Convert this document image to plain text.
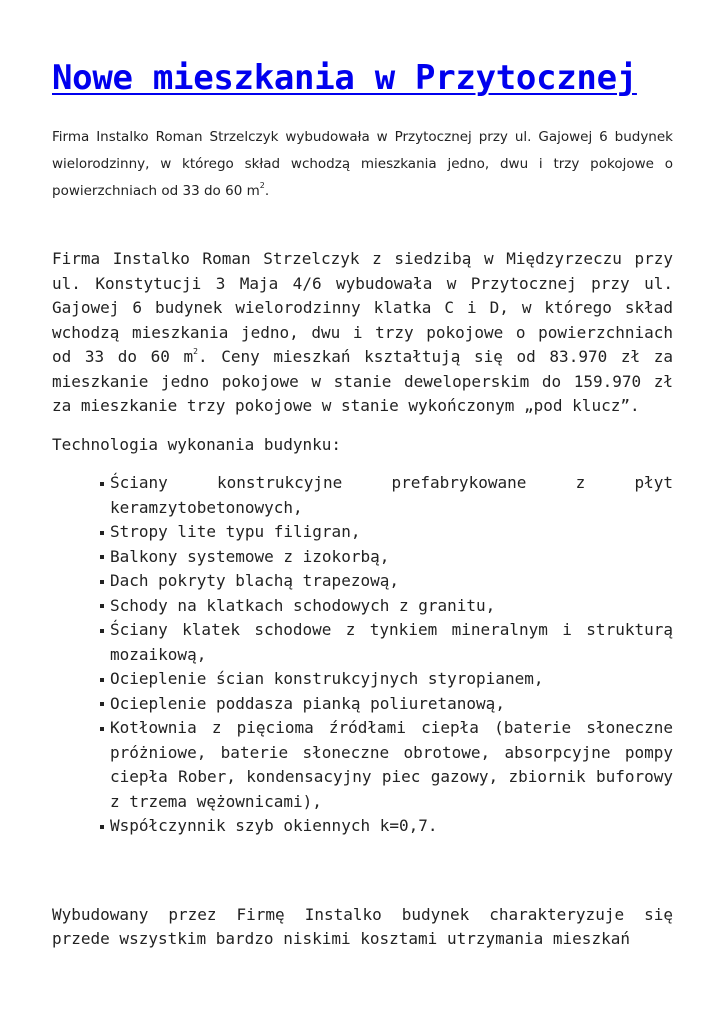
Nowe mieszkania w Przytocznej

Firma Instalko Roman Strzelczyk wybudowała w Przytocznej przy ul. Gajowej 6 budynek wielorodzinny, w którego skład wchodzą mieszkania jedno, dwu i trzy pokojowe o powierzchniach od 33 do 60 $m^2$.

Firma Instalko Roman Strzelczyk z siedzibą w Międzyrzeczu przy ul. Konstytucji 3 Maja 4/6 wybudowała w Przytocznej przy ul. Gajowej 6 budynek wielorodzinny klatka C i D, w którego skład wchodzą mieszkania jedno, dwu i trzy pokojowe o powierzchniach od 33 do 60 $m^2$. Ceny mieszkań kształtują się od 83.970 zł za mieszkanie jedno pokojowe w stanie deweloperskim do 159.970 zł za mieszkanie trzy pokojowe w stanie wykończonym „pod klucz”.

Technologia wykonania budynku:

Ściany konstrukcyjne prefabrykowane z płyt keramzytobetonowych,
Stropy lite typu filigran,
Balkony systemowe z izokorbą,
Dach pokryty blachą trapezową,
Schody na klatkach schodowych z granitu,
Ściany klatek schodowe z tynkiem mineralnym i strukturą mozaikową,
Ocieplenie ścian konstrukcyjnych styropianem,
Ocieplenie poddasza pianką poliuretanową,
Kotłownia z pięcioma źródłami ciepła (baterie słoneczne próżniowe, baterie słoneczne obrotowe, absorpcyjne pompy ciepła Rober, kondensacyjny piec gazowy, zbiornik buforowy z trzema wężownicami),
Współczynnik szyb okiennych k=0,7.

Wybudowany przez Firmę Instalko budynek charakteryzuje się przede wszystkim bardzo niskimi kosztami utrzymania mieszkań
